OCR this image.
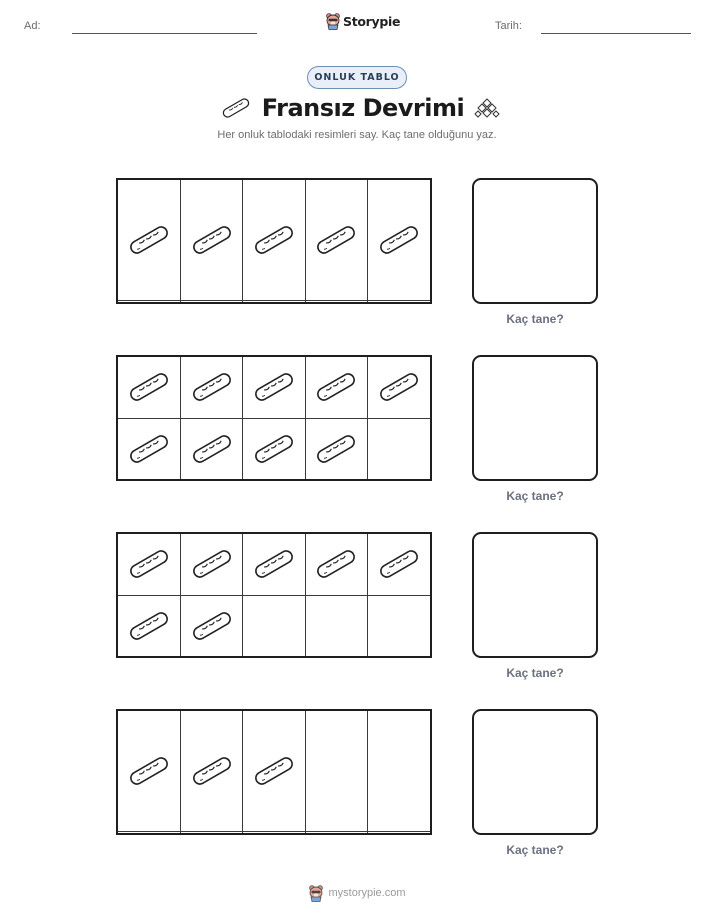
Ad:	Storypie	Tarih:
ONLUK TABLO
Fransız Devrimi
Her onluk tablodaki resimleri say. Kaç tane olduğunu yaz.

Kaç tane?

Kaç tane?

Kaç tane?

Kaç tane?
mystorypie.com
